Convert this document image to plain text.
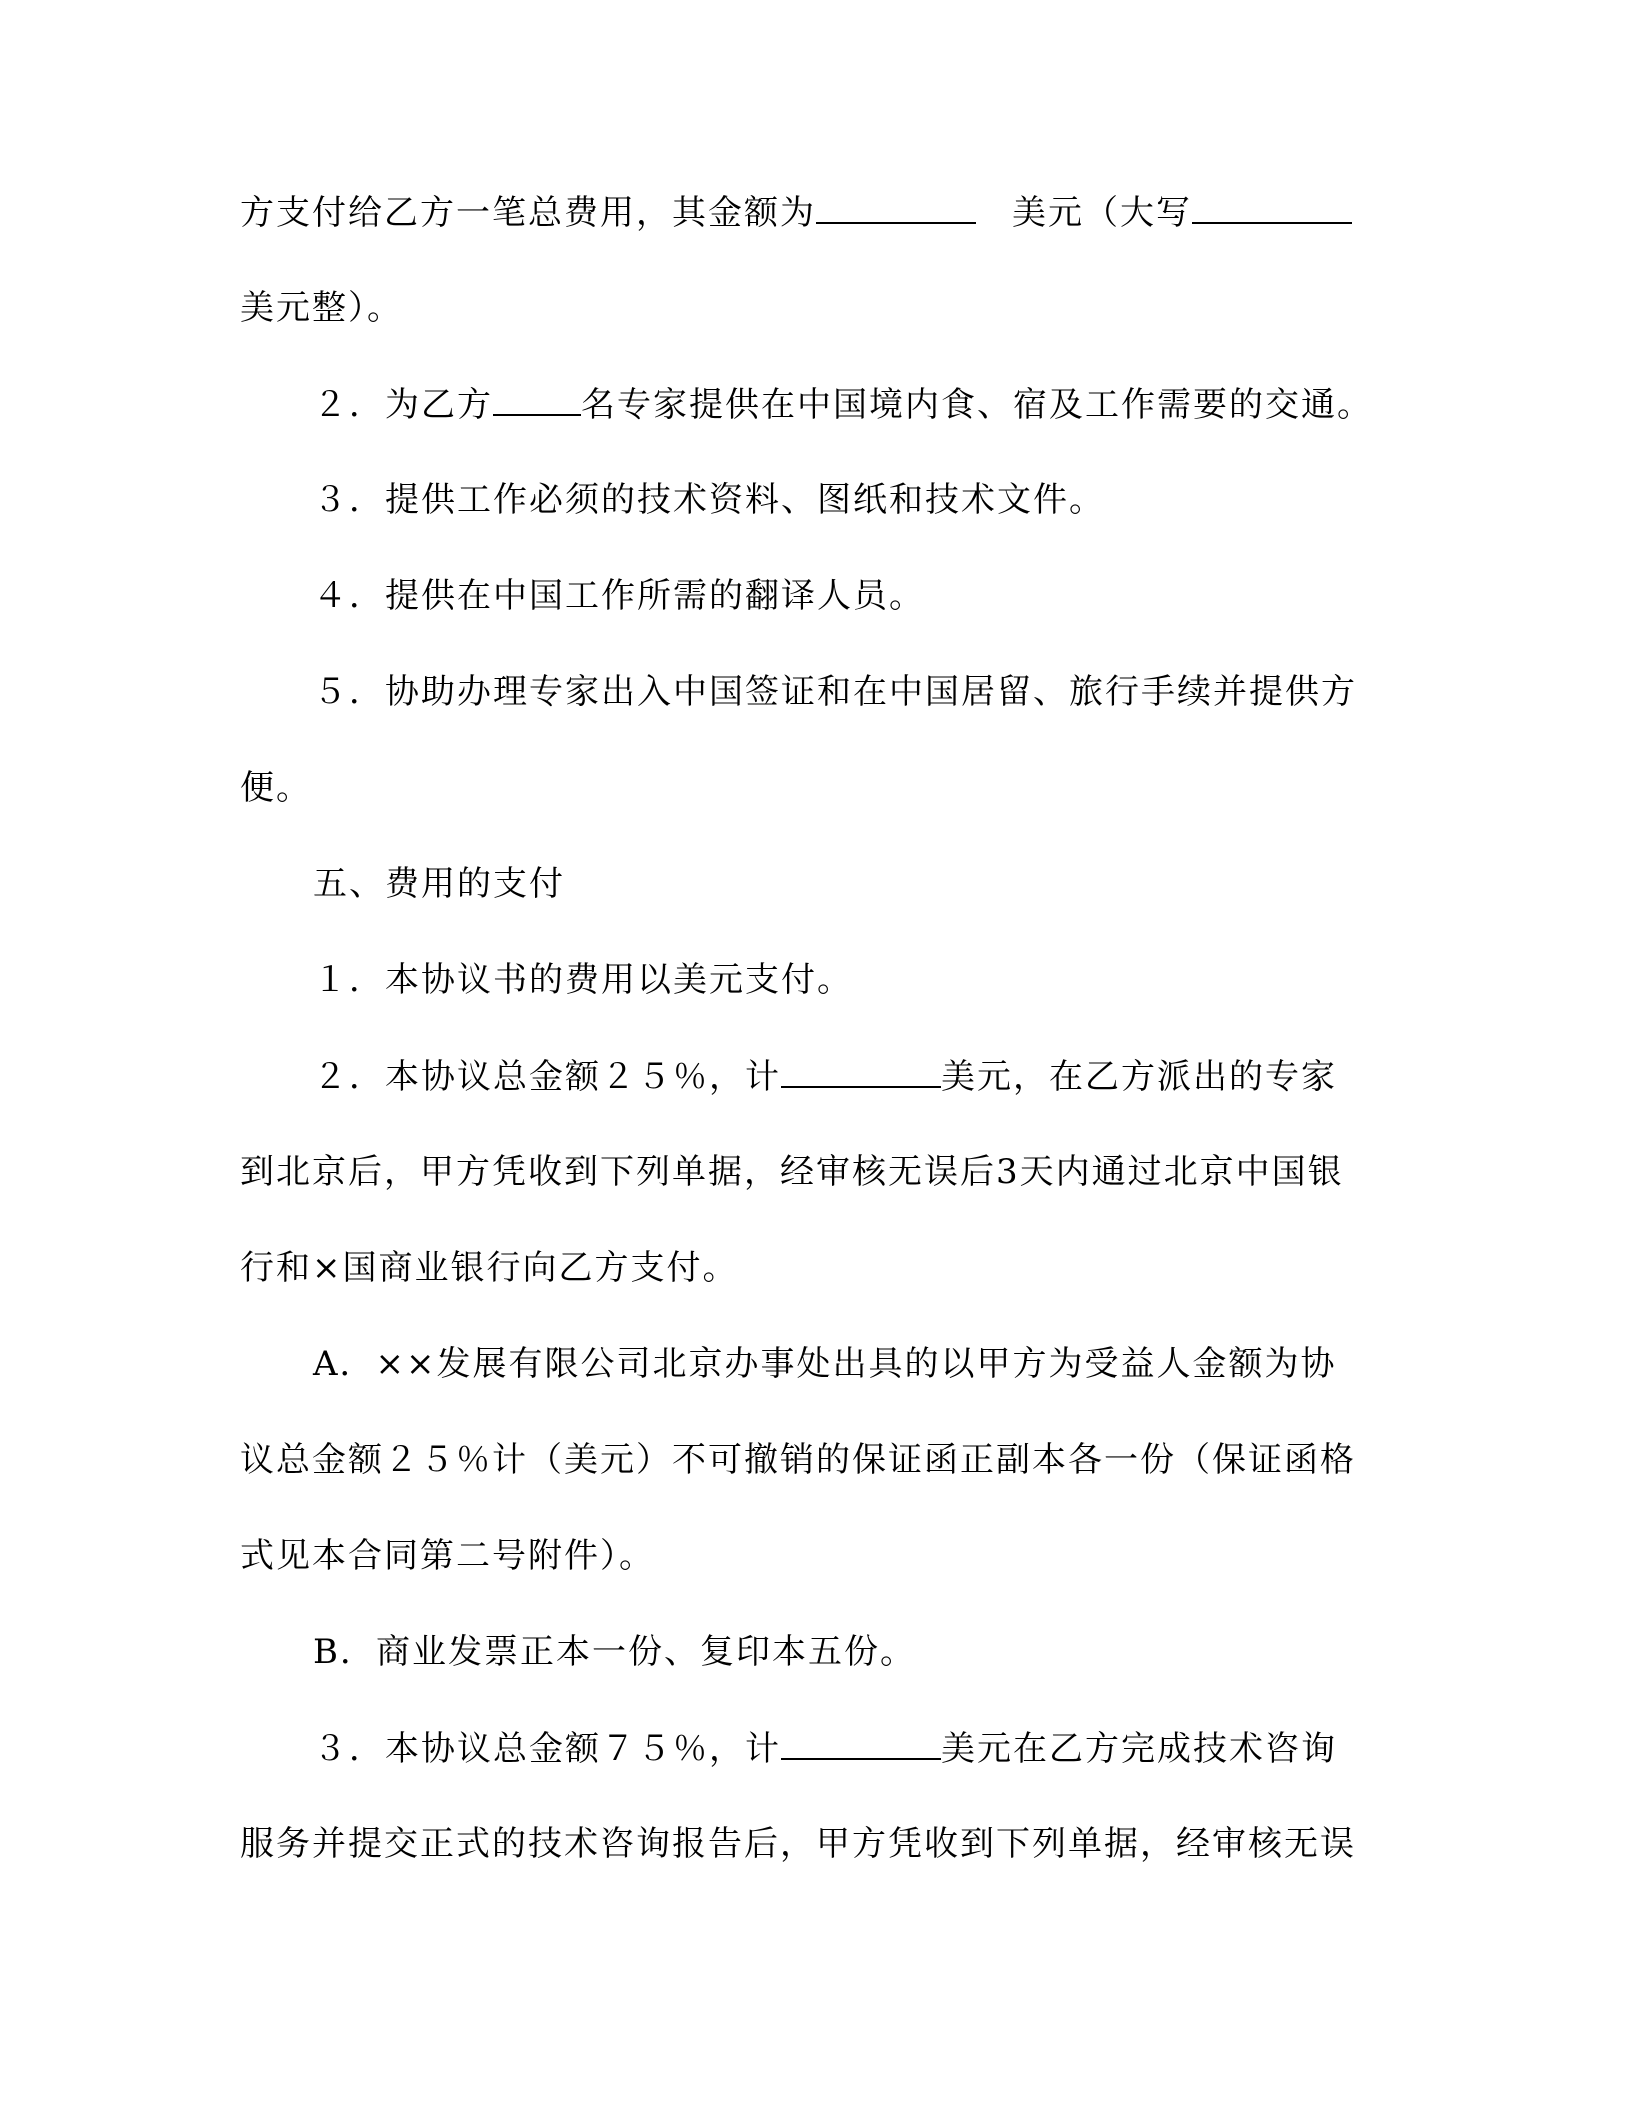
方支付给乙方一笔总费用，其金额为	美元（大写
美元整）。
２．为乙方	名专家提供在中国境内食、宿及工作需要的交通。
３．提供工作必须的技术资料、图纸和技术文件。
４．提供在中国工作所需的翻译人员。
５．协助办理专家出入中国签证和在中国居留、旅行手续并提供方
便。
五、费用的支付
１．本协议书的费用以美元支付。
２．本协议总金额２５％，计	美元，在乙方派出的专家
到北京后，甲方凭收到下列单据，经审核无误后3天内通过北京中国银
行和×国商业银行向乙方支付。
A．××发展有限公司北京办事处出具的以甲方为受益人金额为协
议总金额２５％计（美元）不可撤销的保证函正副本各一份（保证函格
式见本合同第二号附件）。
B．商业发票正本一份、复印本五份。
３．本协议总金额７５％，计	美元在乙方完成技术咨询
服务并提交正式的技术咨询报告后，甲方凭收到下列单据，经审核无误
